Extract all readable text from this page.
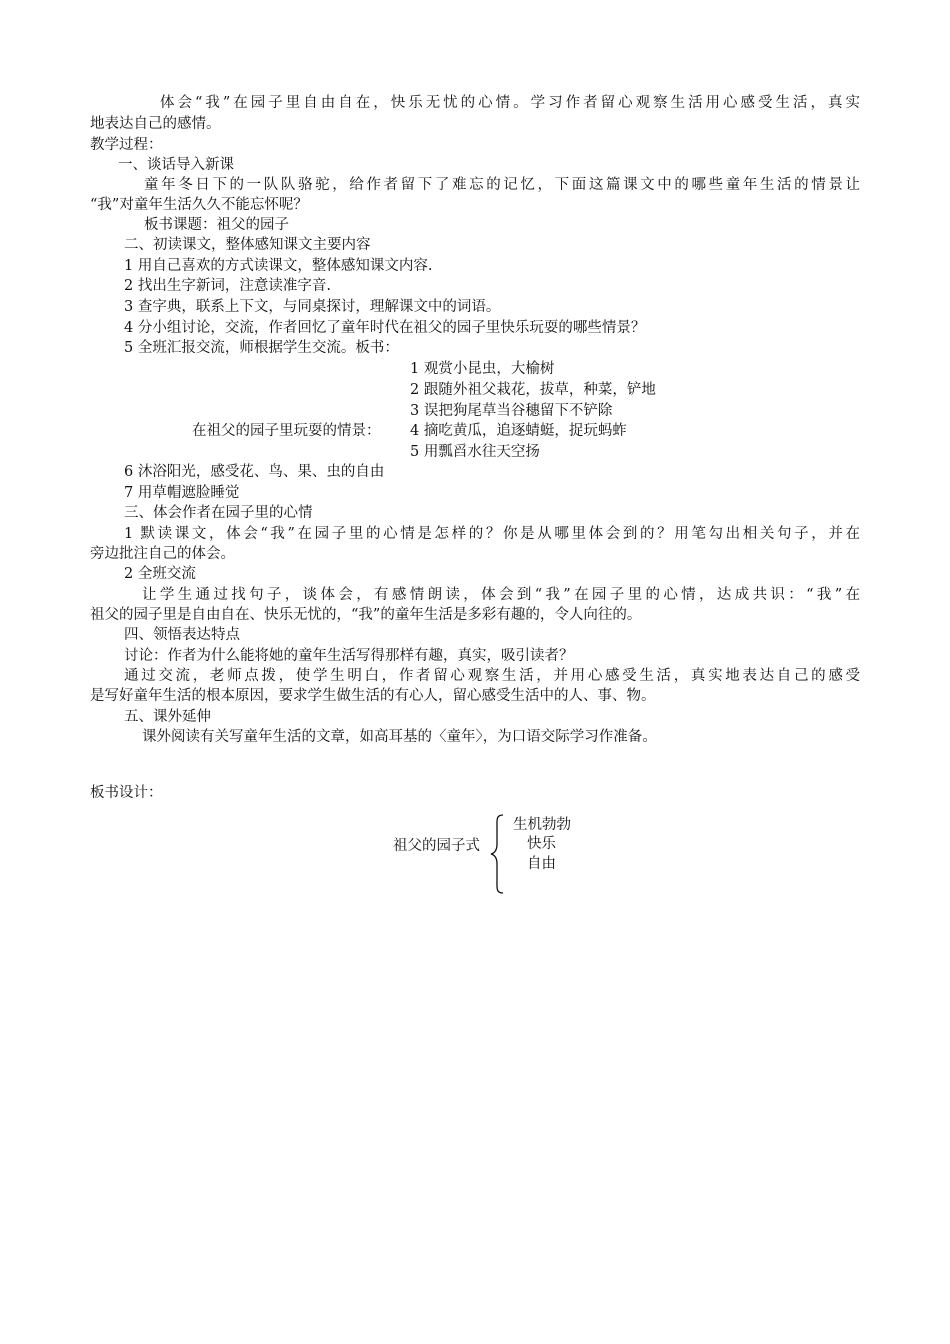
体会“我”在园子里自由自在，快乐无忧的心情。学习作者留心观察生活用心感受生活，真实
地表达自己的感情。
教学过程：
一、谈话导入新课
童年冬日下的一队队骆驼，给作者留下了难忘的记忆，下面这篇课文中的哪些童年生活的情景让
“我”对童年生活久久不能忘怀呢？
板书课题：祖父的园子
二、初读课文，整体感知课文主要内容
1 用自己喜欢的方式读课文，整体感知课文内容.
2 找出生字新词，注意读准字音.
3 查字典，联系上下文，与同桌探讨，理解课文中的词语。
4 分小组讨论，交流，作者回忆了童年时代在祖父的园子里快乐玩耍的哪些情景？
5 全班汇报交流，师根据学生交流。板书：
1 观赏小昆虫，大榆树
2 跟随外祖父栽花，拔草，种菜，铲地
3 误把狗尾草当谷穗留下不铲除
在祖父的园子里玩耍的情景：	4 摘吃黄瓜，追逐蜻蜓，捉玩蚂蚱
5 用瓢舀水往天空扬
6 沐浴阳光，感受花、鸟、果、虫的自由
7 用草帽遮脸睡觉
三、体会作者在园子里的心情
1 默读课文，体会“我”在园子里的心情是怎样的？你是从哪里体会到的？用笔勾出相关句子，并在
旁边批注自己的体会。
2 全班交流
让学生通过找句子，谈体会，有感情朗读，体会到“我”在园子里的心情，达成共识：“我”在
祖父的园子里是自由自在、快乐无忧的，“我”的童年生活是多彩有趣的，令人向往的。
四、领悟表达特点
讨论：作者为什么能将她的童年生活写得那样有趣，真实，吸引读者？
通过交流，老师点拨，使学生明白，作者留心观察生活，并用心感受生活，真实地表达自己的感受
是写好童年生活的根本原因，要求学生做生活的有心人，留心感受生活中的人、事、物。
五、课外延伸
课外阅读有关写童年生活的文章，如高耳基的〈童年〉，为口语交际学习作准备。
板书设计：
祖父的园子式
生机勃勃
快乐
自由
